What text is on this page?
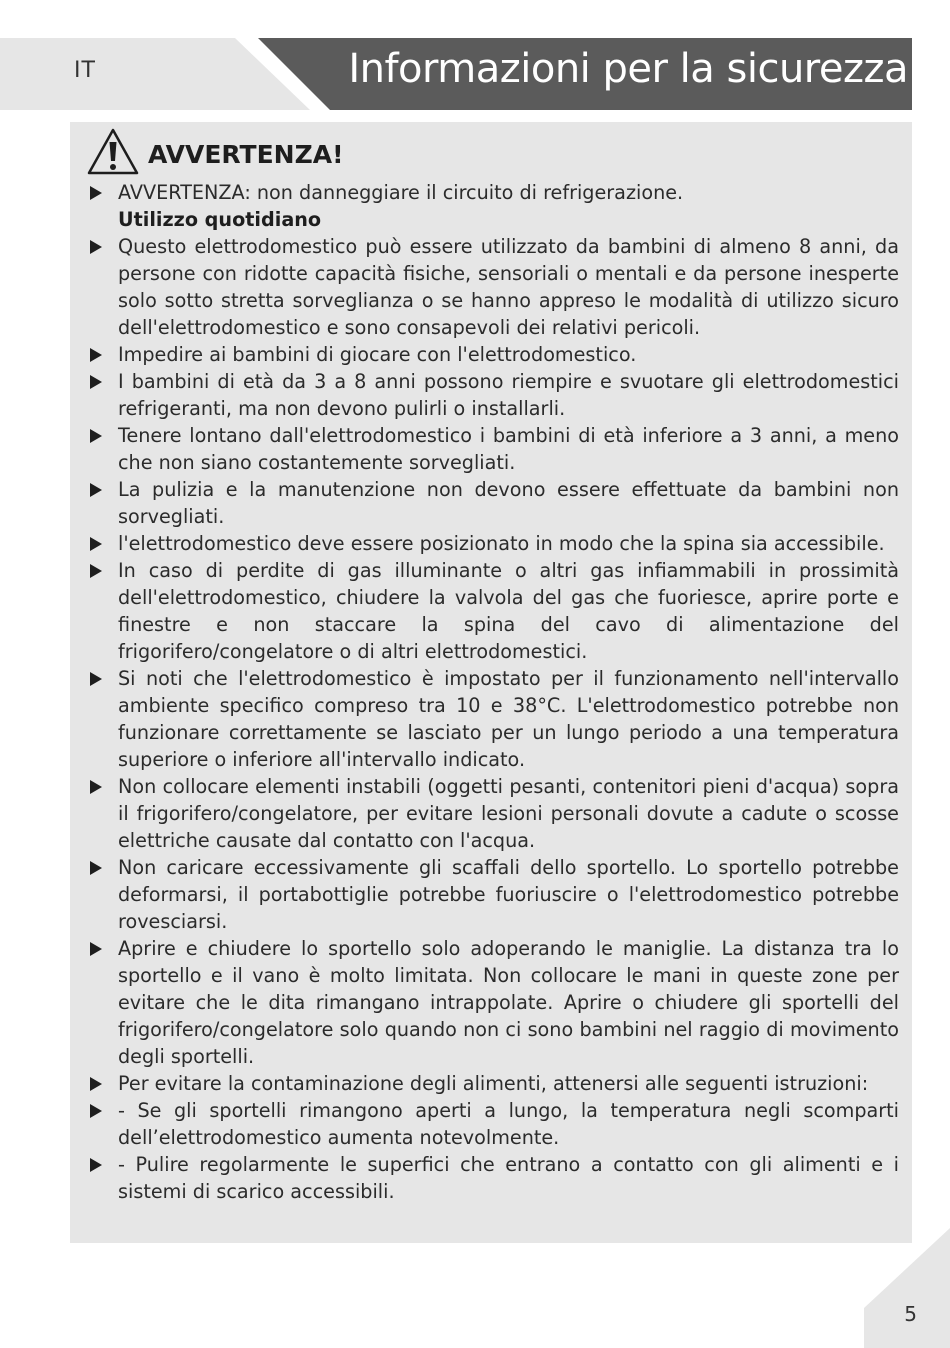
IT	Informazioni per la sicurezza
AVVERTENZA!
AVVERTENZA: non danneggiare il circuito di refrigerazione.
Utilizzo quotidiano
Questo elettrodomestico può essere utilizzato da bambini di almeno 8 anni, da persone con ridotte capacità fisiche, sensoriali o mentali e da persone inesperte solo sotto stretta sorveglianza o se hanno appreso le modalità di utilizzo sicuro dell'elettrodomestico e sono consapevoli dei relativi pericoli.
Impedire ai bambini di giocare con l'elettrodomestico.
I bambini di età da 3 a 8 anni possono riempire e svuotare gli elettrodomestici refrigeranti, ma non devono pulirli o installarli.
Tenere lontano dall'elettrodomestico i bambini di età inferiore a 3 anni, a meno che non siano costantemente sorvegliati.
La pulizia e la manutenzione non devono essere effettuate da bambini non sorvegliati.
l'elettrodomestico deve essere posizionato in modo che la spina sia accessibile.
In caso di perdite di gas illuminante o altri gas infiammabili in prossimità dell'elettrodomestico, chiudere la valvola del gas che fuoriesce, aprire porte e finestre e non staccare la spina del cavo di alimentazione del frigorifero/congelatore o di altri elettrodomestici.
Si noti che l'elettrodomestico è impostato per il funzionamento nell'intervallo ambiente specifico compreso tra 10 e 38°C. L'elettrodomestico potrebbe non funzionare correttamente se lasciato per un lungo periodo a una temperatura superiore o inferiore all'intervallo indicato.
Non collocare elementi instabili (oggetti pesanti, contenitori pieni d'acqua) sopra il frigorifero/congelatore, per evitare lesioni personali dovute a cadute o scosse elettriche causate dal contatto con l'acqua.
Non caricare eccessivamente gli scaffali dello sportello. Lo sportello potrebbe deformarsi, il portabottiglie potrebbe fuoriuscire o l'elettrodomestico potrebbe rovesciarsi.
Aprire e chiudere lo sportello solo adoperando le maniglie. La distanza tra lo sportello e il vano è molto limitata. Non collocare le mani in queste zone per evitare che le dita rimangano intrappolate. Aprire o chiudere gli sportelli del frigorifero/congelatore solo quando non ci sono bambini nel raggio di movimento degli sportelli.
Per evitare la contaminazione degli alimenti, attenersi alle seguenti istruzioni:
- Se gli sportelli rimangono aperti a lungo, la temperatura negli scomparti dell’elettrodomestico aumenta notevolmente.
- Pulire regolarmente le superfici che entrano a contatto con gli alimenti e i sistemi di scarico accessibili.
5
